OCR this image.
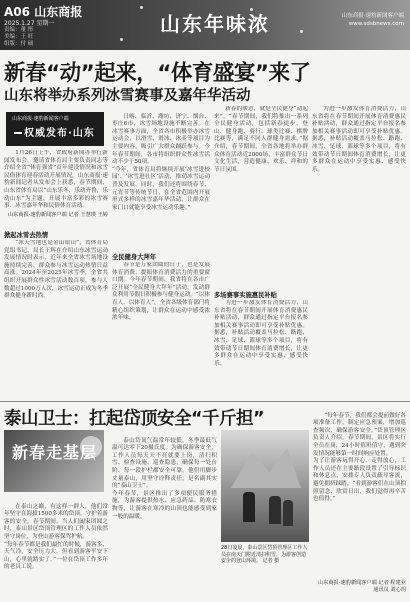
A06 山东商报
2025.1.27 星期一
责编：董 彤
美编：王 旺
组版：付 硕
山东年味浓	山东商报·速豹新闻客户端
www.sdsbnews.com
新春“动”起来，“体育盛宴”来了
山东将举办系列冰雪赛事及嘉年华活动
山东商报·速豹新闻客户端
权威发布·山东

1月26日上午，省政府新闻办举行新闻发布会，邀请省体育局主要负责同志等介绍全省“体育强省”首年建设情况和冰雪民俗体育迎春活动开展情况。山东商报·速豹新闻记者从发布会上获悉，春节期间，山东省体育局以“山东乐冬，乐动齐鲁，乐动山东”为主题，开展丰富多彩的冰雪赛事、冰雪嘉年华和民俗体育活动。

山东商报·速豹新闻客户端 记者 王慧瑛 王婷
掀起冰雪去热情

“冰天雪地也是金山银山”，省体育局党组书记、局长王辉在介绍山东冰雪运动发展情况时表示，近年来全省冰雪场地设施持续完善，群众参与冰雪运动热情日益高涨。2024年至2025年冰雪季，全省共组织开展群众性冰雪活动数百项，参与人数超过1000万人次，冰雪运动正成为冬季群众健身新时尚。

日喀、临沂、潍坊、济宁、烟台、枣庄6市，冰雪场地设施不断完善。在冰雪赛事方面，全省各市积极举办冰雪运动会，以滑雪、滑冰、冰壶等项目为主要内容，吸引广大群众踊跃参与。今年春节期间，各市将组织群众性冰雪活动不少于50项。
“今年，省体育局将继续开展‘冰雪进校园’、‘冰雪进社区’活动，推动冰雪运动普及发展。同时，我们还将围绕春节、元宵节等传统节日，在全省范围内开展形式多样的冰雪嘉年华活动，让群众在家门口就能享受冰雪运动乐趣。”

全民健身大拜年

春节是万家团圆的日子，也是发展体育消费、提振体育消费活力的重要窗口期。今年春节期间，我省将在各市广泛开展“全民健身大拜年”活动，发动群众利用节假日积极参与健身运动。“以体育人，以体育人”，全省各级体育部门将精心组织策划，让群众在运动中感受浓浓年味。

新春的暖意，就是全民健身“动起来”。“春节期间，我们将推出一系列全民健身活动，包括新春徒步、登山、健身跑、骑行、球类比赛、棋牌比赛等，满足不同人群健身需求。”据介绍，春节期间，全省各地将举办群众体育活动近2000场，丰富群众节日文化生活，营造健康、欢乐、祥和的节日氛围。

多场赛事实施惠民补贴

为进一步激发体育消费活力，山东省将在春节期间开展体育消费惠民补贴活动，群众通过指定平台报名参加相关赛事活动即可享受补贴优惠。据悉，补贴活动覆盖马拉松、路跑、冰雪、足球、篮球等多个项目，将有效带动节日期间体育消费增长，让更多群众在运动中享受实惠、感受快乐。

为进一步激发体育消费活力，山东省将在春节期间开展体育消费惠民补贴活动，群众通过指定平台报名参加相关赛事活动即可享受补贴优惠。据悉，补贴活动覆盖马拉松、路跑、冰雪、足球、篮球等多个项目，将有效带动节日期间体育消费增长，让更多群众在运动中享受实惠、感受快乐。

泰山卫士：扛起岱顶安全“千斤担”
新春走基层

在泰山之巅，有这样一群人，他们常年坚守在海拔1500多米的岱顶，守护着游客的安全。春节期间，当人们阖家团圆之时，泰山景区岱顶管理区的工作人员依然坚守岗位，为登山游客保驾护航。
“每年春节都是我们最忙的时候，游客多、天气冷，安全压力大，但看到游客平安下山，心里就踏实了。”一位在岱顶工作多年的老员工说。

泰山岱顶气温常年较低，冬季最低气温可达零下20摄氏度。为确保游客安全，工作人员每天天不亮就要上岗，清扫积雪、检查设施、巡查隐患，确保每一处台阶、每一段护栏都安全可靠。他们用脚步丈量泰山，用坚守诠释责任，是名副其实的“泰山卫士”。
今年春节，景区推出了多项便民服务措施，为游客提供热水、应急药品、防寒衣物等，让游客在寒冷的山顶也能感受到家一般的温暖。

28日凌晨，泰山景区岱顶管理区工作人员在南天门附近清扫积雪，为游客创造安全的登山环境。 记者 摄

“每年春节，我们都会提前做好各项准备工作，制定应急预案，增加巡查频次，确保游客安全。”岱顶管理区负责人介绍，春节期间，景区将实行全员在岗，24小时值班值守，遇到突发情况能够第一时间响应处置。
为了让游客玩得开心、走得放心，工作人员还在主要路段设置了引导标识和休息点，安排专人负责疏导客流，避免拥挤踩踏。“看到游客们在山顶拍照留念、欣赏日出，我们觉得再辛苦也值得。”

山东商报·速豹新闻客户端 记者 程建业 通讯员 刘心玥
